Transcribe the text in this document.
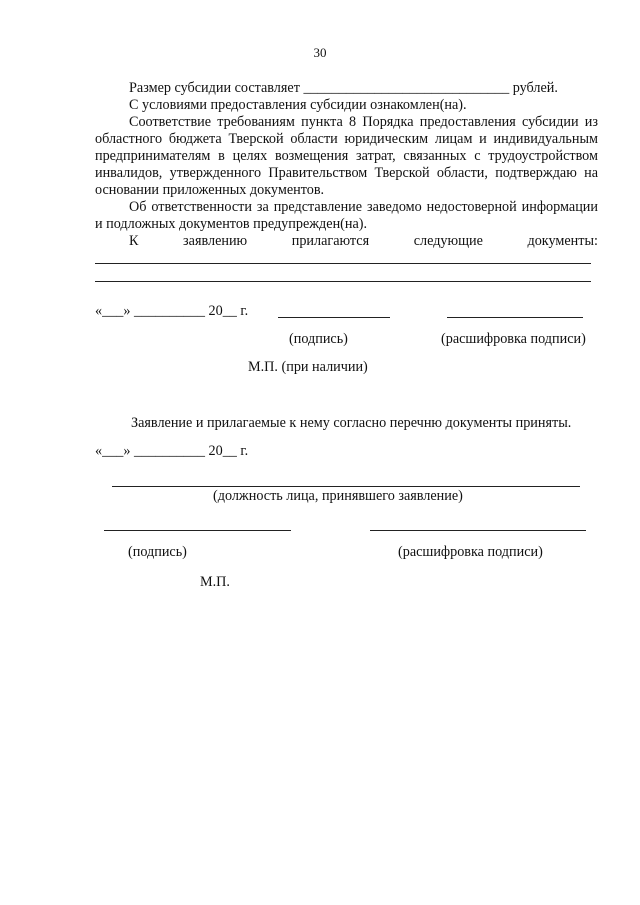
30
Размер субсидии составляет _____________________________ рублей.
С условиями предоставления субсидии ознакомлен(на).
Соответствие требованиям пункта 8 Порядка предоставления субсидии из областного бюджета Тверской области юридическим лицам и индивидуальным предпринимателям в целях возмещения затрат, связанных с трудоустройством инвалидов, утвержденного Правительством Тверской области, подтверждаю на основании приложенных документов.
Об ответственности за представление заведомо недостоверной информации и подложных документов предупрежден(на).
К	заявлению	прилагаются	следующие	документы:
«___» __________ 20__ г.
(подпись)	(расшифровка подписи)
М.П. (при наличии)
Заявление и прилагаемые к нему согласно перечню документы приняты.
«___» __________ 20__ г.
(должность лица, принявшего заявление)
(подпись)	(расшифровка подписи)
М.П.
